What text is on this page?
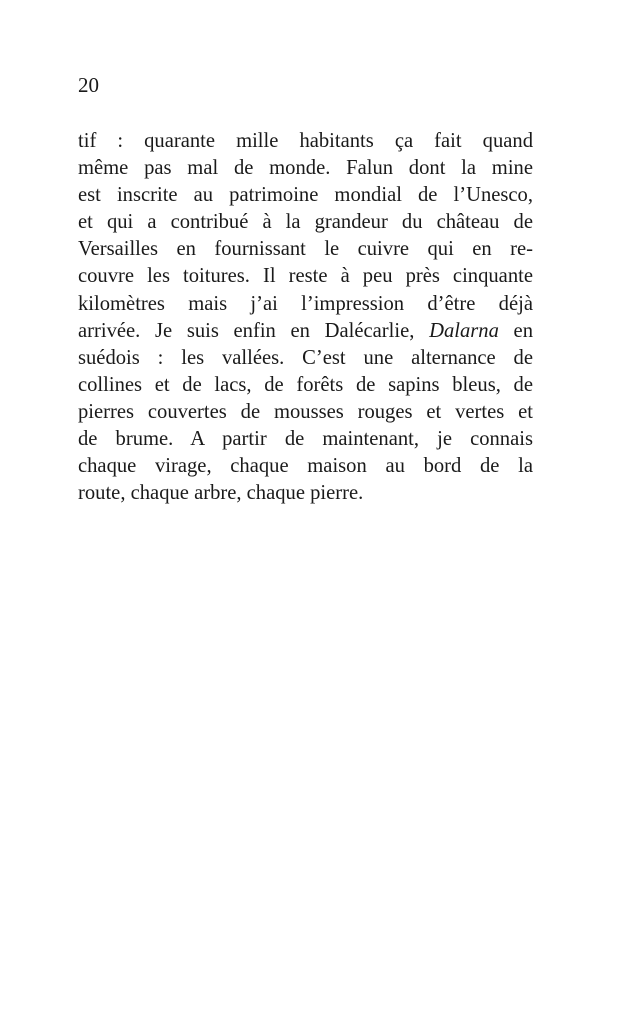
20

tif : quarante mille habitants ça fait quand
même pas mal de monde. Falun dont la mine
est inscrite au patrimoine mondial de l’Unesco,
et qui a contribué à la grandeur du château de
Versailles en fournissant le cuivre qui en re-
couvre les toitures. Il reste à peu près cinquante
kilomètres mais j’ai l’impression d’être déjà
arrivée. Je suis enfin en Dalécarlie, Dalarna en
suédois : les vallées. C’est une alternance de
collines et de lacs, de forêts de sapins bleus, de
pierres couvertes de mousses rouges et vertes et
de brume. A partir de maintenant, je connais
chaque virage, chaque maison au bord de la
route, chaque arbre, chaque pierre.
